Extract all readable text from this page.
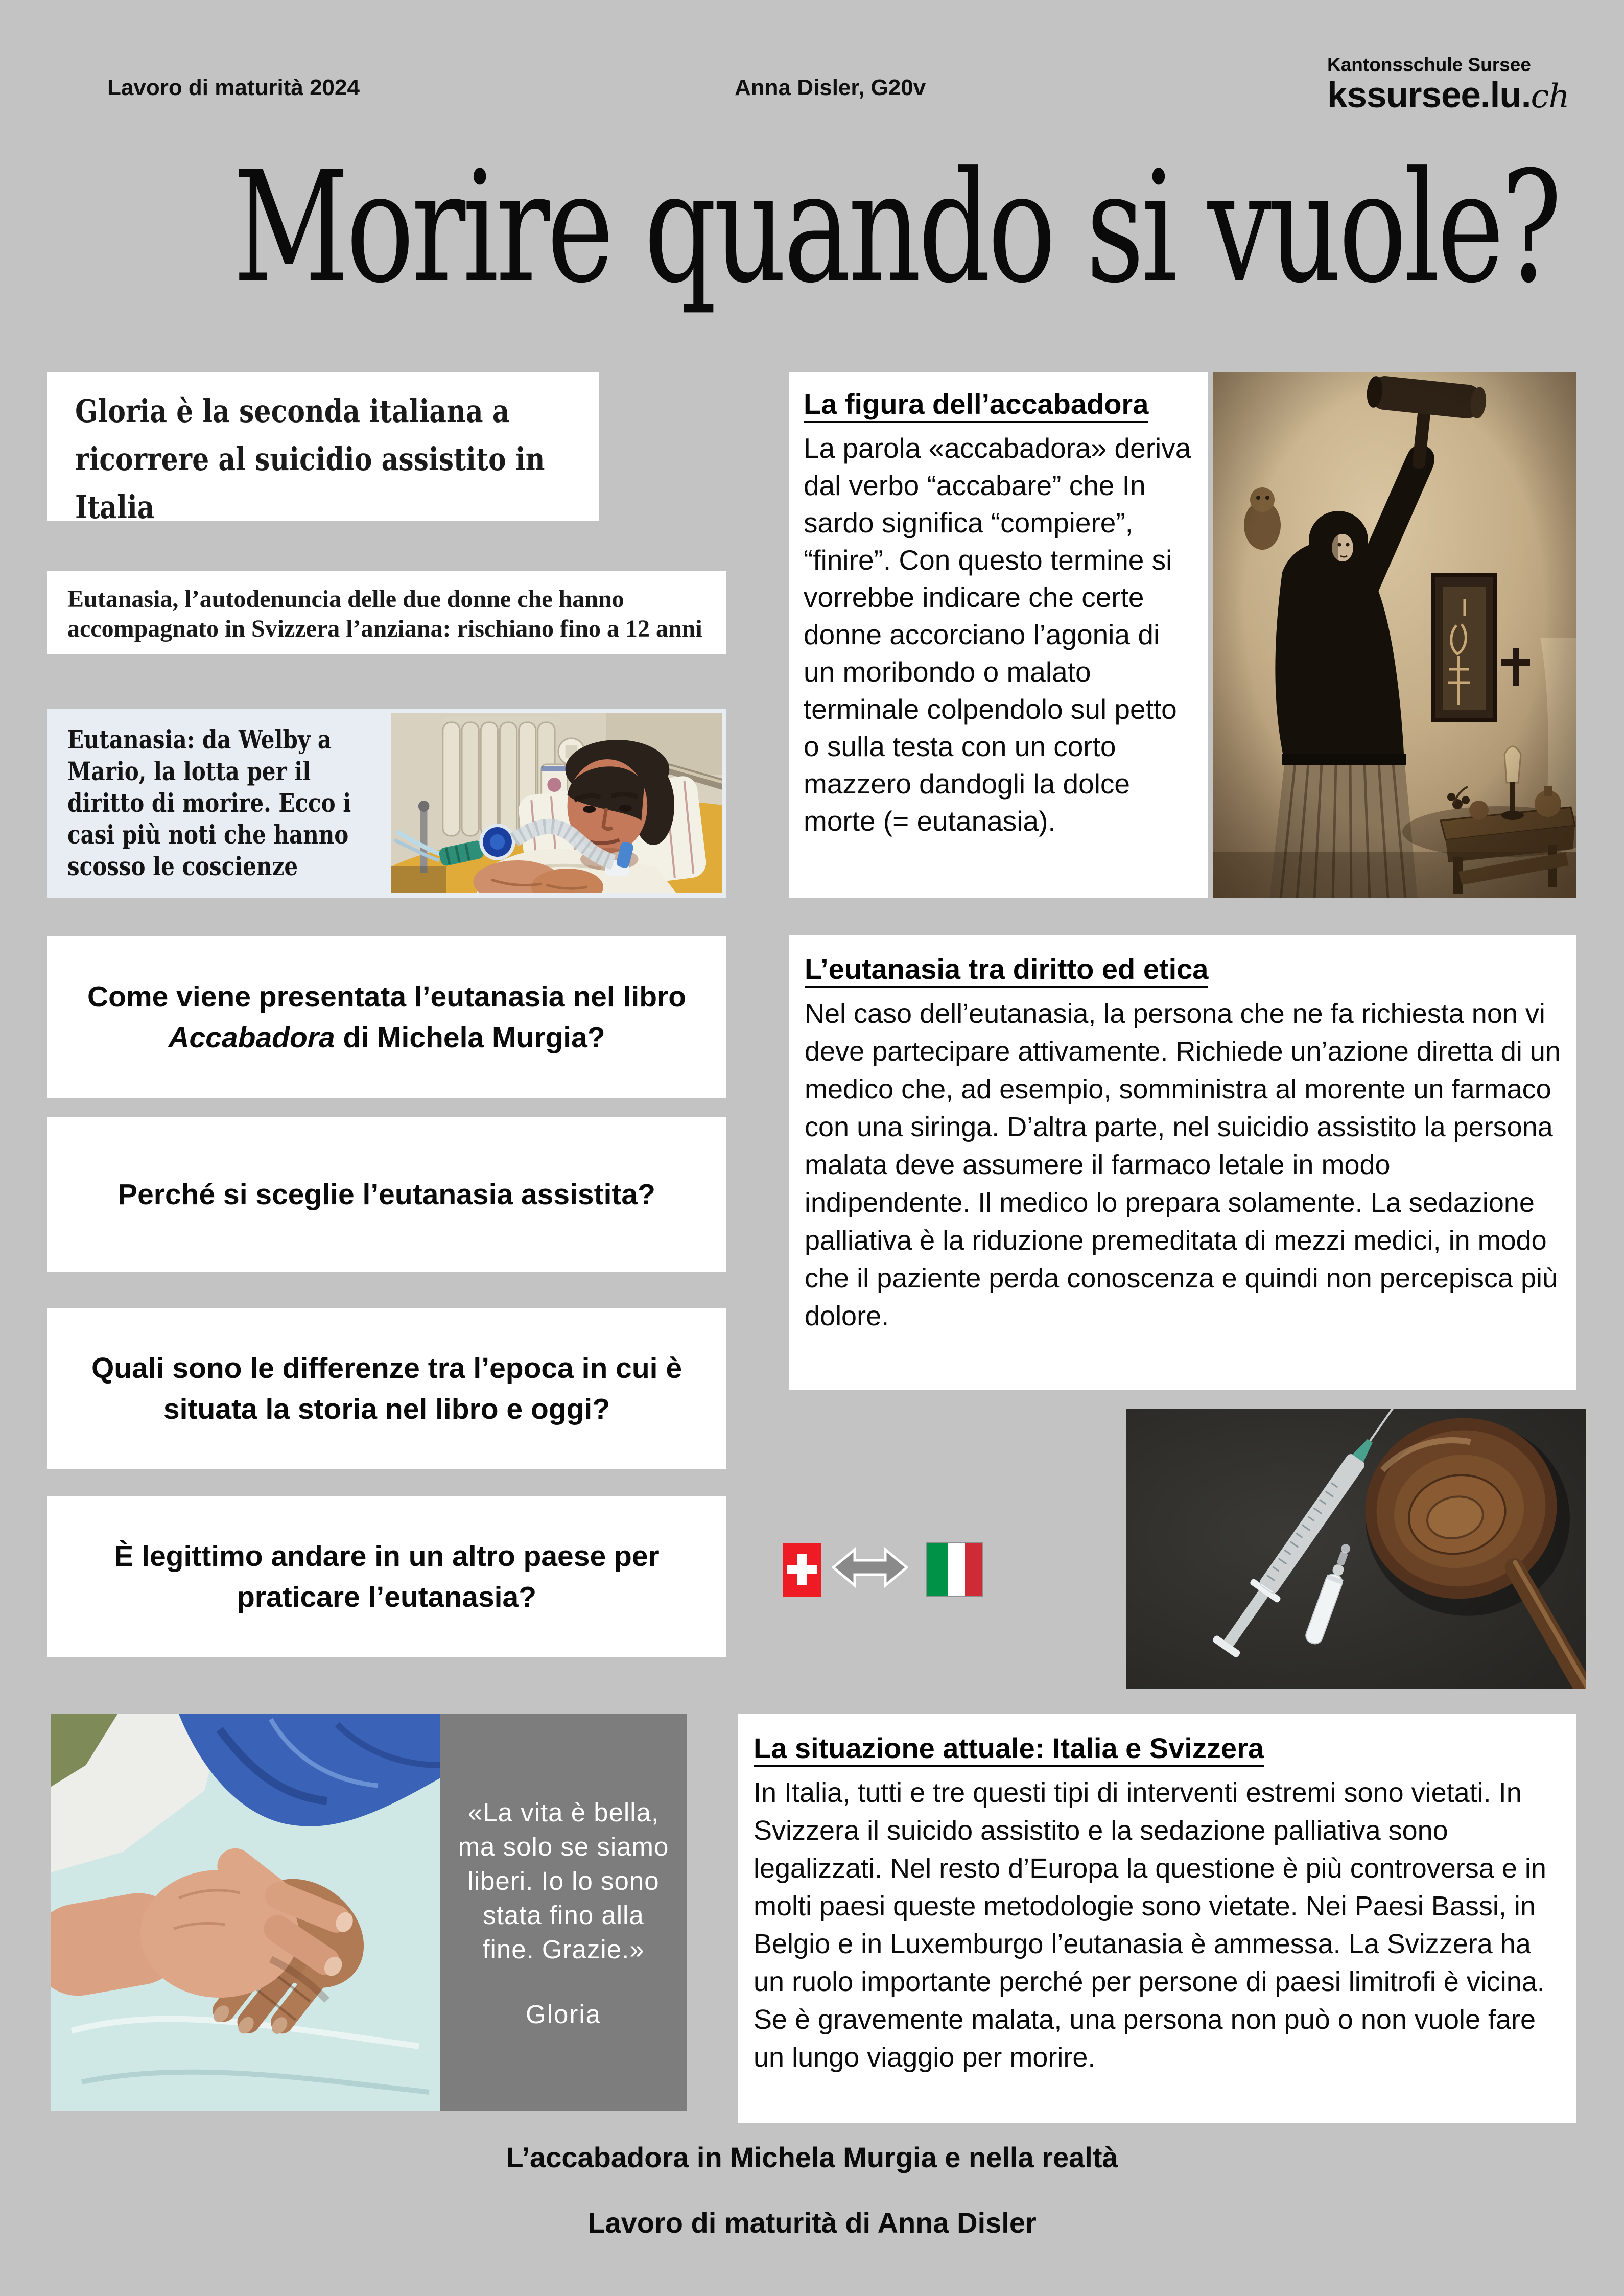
Lavoro di maturità 2024	Anna Disler, G20v
Kantonsschule Sursee
kssursee.lu.ch
Morire quando si vuole?
Gloria è la seconda italiana a ricorrere al suicidio assistito in Italia
Eutanasia, l’autodenuncia delle due donne che hanno accompagnato in Svizzera l’anziana: rischiano fino a 12 anni
Eutanasia: da Welby a Mario, la lotta per il diritto di morire. Ecco i casi più noti che hanno scosso le coscienze
Come viene presentata l’eutanasia nel libro Accabadora di Michela Murgia?
Perché si sceglie l’eutanasia assistita?
Quali sono le differenze tra l’epoca in cui è situata la storia nel libro e oggi?
È legittimo andare in un altro paese per praticare l’eutanasia?
La figura dell’accabadora
La parola «accabadora» deriva dal verbo “accabare” che In sardo significa “compiere”, “finire”. Con questo termine si vorrebbe indicare che certe donne accorciano l’agonia di un moribondo o malato terminale colpendolo sul petto o sulla testa con un corto mazzero dandogli la dolce morte (= eutanasia).
L’eutanasia tra diritto ed etica
Nel caso dell’eutanasia, la persona che ne fa richiesta non vi deve partecipare attivamente. Richiede un’azione diretta di un medico che, ad esempio, somministra al morente un farmaco con una siringa. D’altra parte, nel suicidio assistito la persona malata deve assumere il farmaco letale in modo indipendente. Il medico lo prepara solamente. La sedazione palliativa è la riduzione premeditata di mezzi medici, in modo che il paziente perda conoscenza e quindi non percepisca più dolore.
La situazione attuale: Italia e Svizzera
In Italia, tutti e tre questi tipi di interventi estremi sono vietati. In Svizzera il suicido assistito e la sedazione palliativa sono legalizzati. Nel resto d’Europa la questione è più controversa e in molti paesi queste metodologie sono vietate. Nei Paesi Bassi, in Belgio e in Luxemburgo l’eutanasia è ammessa. La Svizzera ha un ruolo importante perché per persone di paesi limitrofi è vicina. Se è gravemente malata, una persona non può o non vuole fare un lungo viaggio per morire.
«La vita è bella, ma solo se siamo liberi. Io lo sono stata fino alla fine. Grazie.»
Gloria
L’accabadora in Michela Murgia e nella realtà
Lavoro di maturità di Anna Disler
